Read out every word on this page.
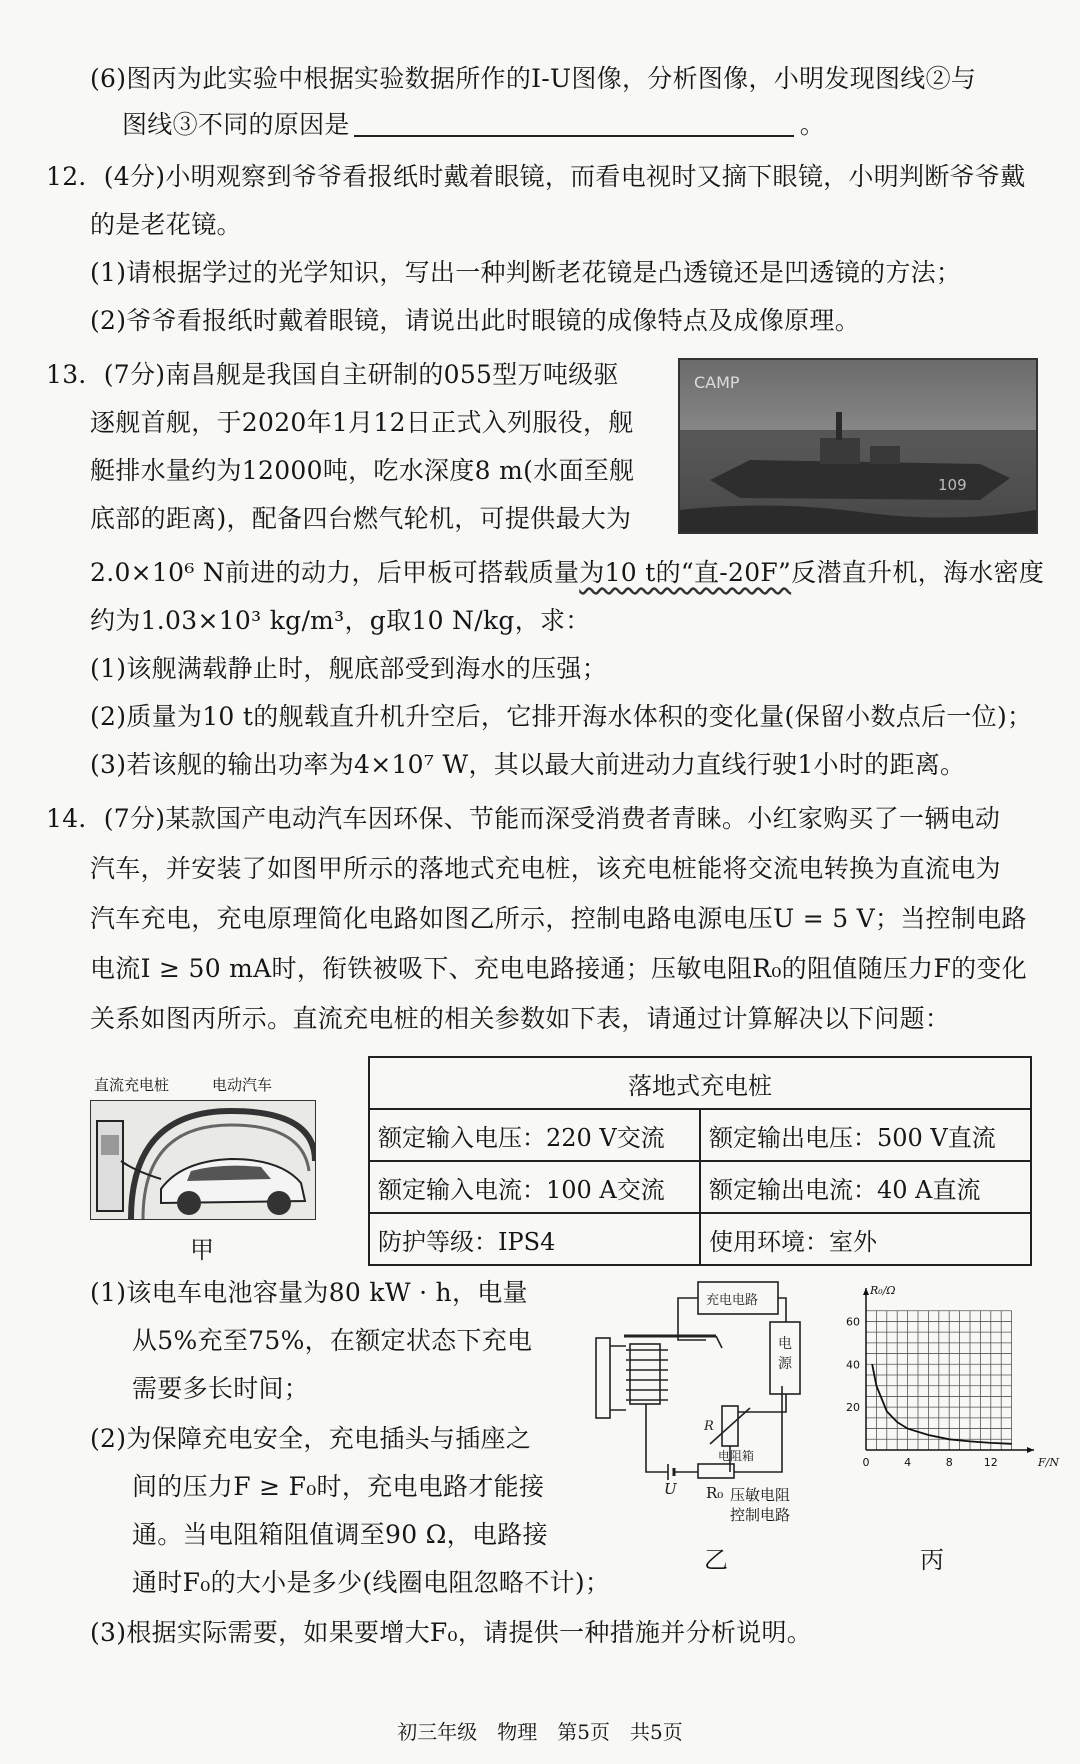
(6)图丙为此实验中根据实验数据所作的I-U图像，分析图像，小明发现图线②与
图线③不同的原因是	。
12．(4分)小明观察到爷爷看报纸时戴着眼镜，而看电视时又摘下眼镜，小明判断爷爷戴
的是老花镜。
(1)请根据学过的光学知识，写出一种判断老花镜是凸透镜还是凹透镜的方法；
(2)爷爷看报纸时戴着眼镜，请说出此时眼镜的成像特点及成像原理。
13．(7分)南昌舰是我国自主研制的055型万吨级驱
逐舰首舰，于2020年1月12日正式入列服役，舰
艇排水量约为12000吨，吃水深度8 m(水面至舰
底部的距离)，配备四台燃气轮机，可提供最大为
CAMP
109
2.0×10⁶ N前进的动力，后甲板可搭载质量为10 t的“直-20F”反潜直升机，海水密度
约为1.03×10³ kg/m³，g取10 N/kg，求：
(1)该舰满载静止时，舰底部受到海水的压强；
(2)质量为10 t的舰载直升机升空后，它排开海水体积的变化量(保留小数点后一位)；
(3)若该舰的输出功率为4×10⁷ W，其以最大前进动力直线行驶1小时的距离。
14．(7分)某款国产电动汽车因环保、节能而深受消费者青睐。小红家购买了一辆电动
汽车，并安装了如图甲所示的落地式充电桩，该充电桩能将交流电转换为直流电为
汽车充电，充电原理简化电路如图乙所示，控制电路电源电压U = 5 V；当控制电路
电流I ≥ 50 mA时，衔铁被吸下、充电电路接通；压敏电阻R₀的阻值随压力F的变化
关系如图丙所示。直流充电桩的相关参数如下表，请通过计算解决以下问题：
直流充电桩	电动汽车
甲
落地式充电桩	
额定输入电压：220 V交流	额定输出电压：500 V直流
额定输入电流：100 A交流	额定输出电流：40 A直流
防护等级：IPS4	使用环境：室外
(1)该电车电池容量为80 kW · h，电量
从5%充至75%，在额定状态下充电
需要多长时间；
(2)为保障充电安全，充电插头与插座之
间的压力F ≥ F₀时，充电电路才能接
通。当电阻箱阻值调至90 Ω，电路接
通时F₀的大小是多少(线圈电阻忽略不计)；
(3)根据实际需要，如果要增大F₀，请提供一种措施并分析说明。
充电电路
电
源
R
电阻箱
U R₀ 压敏电阻
控制电路
乙
0	4	8	12
20
40
60
F/N
R₀/Ω
丙
初三年级　物理　第5页　共5页
